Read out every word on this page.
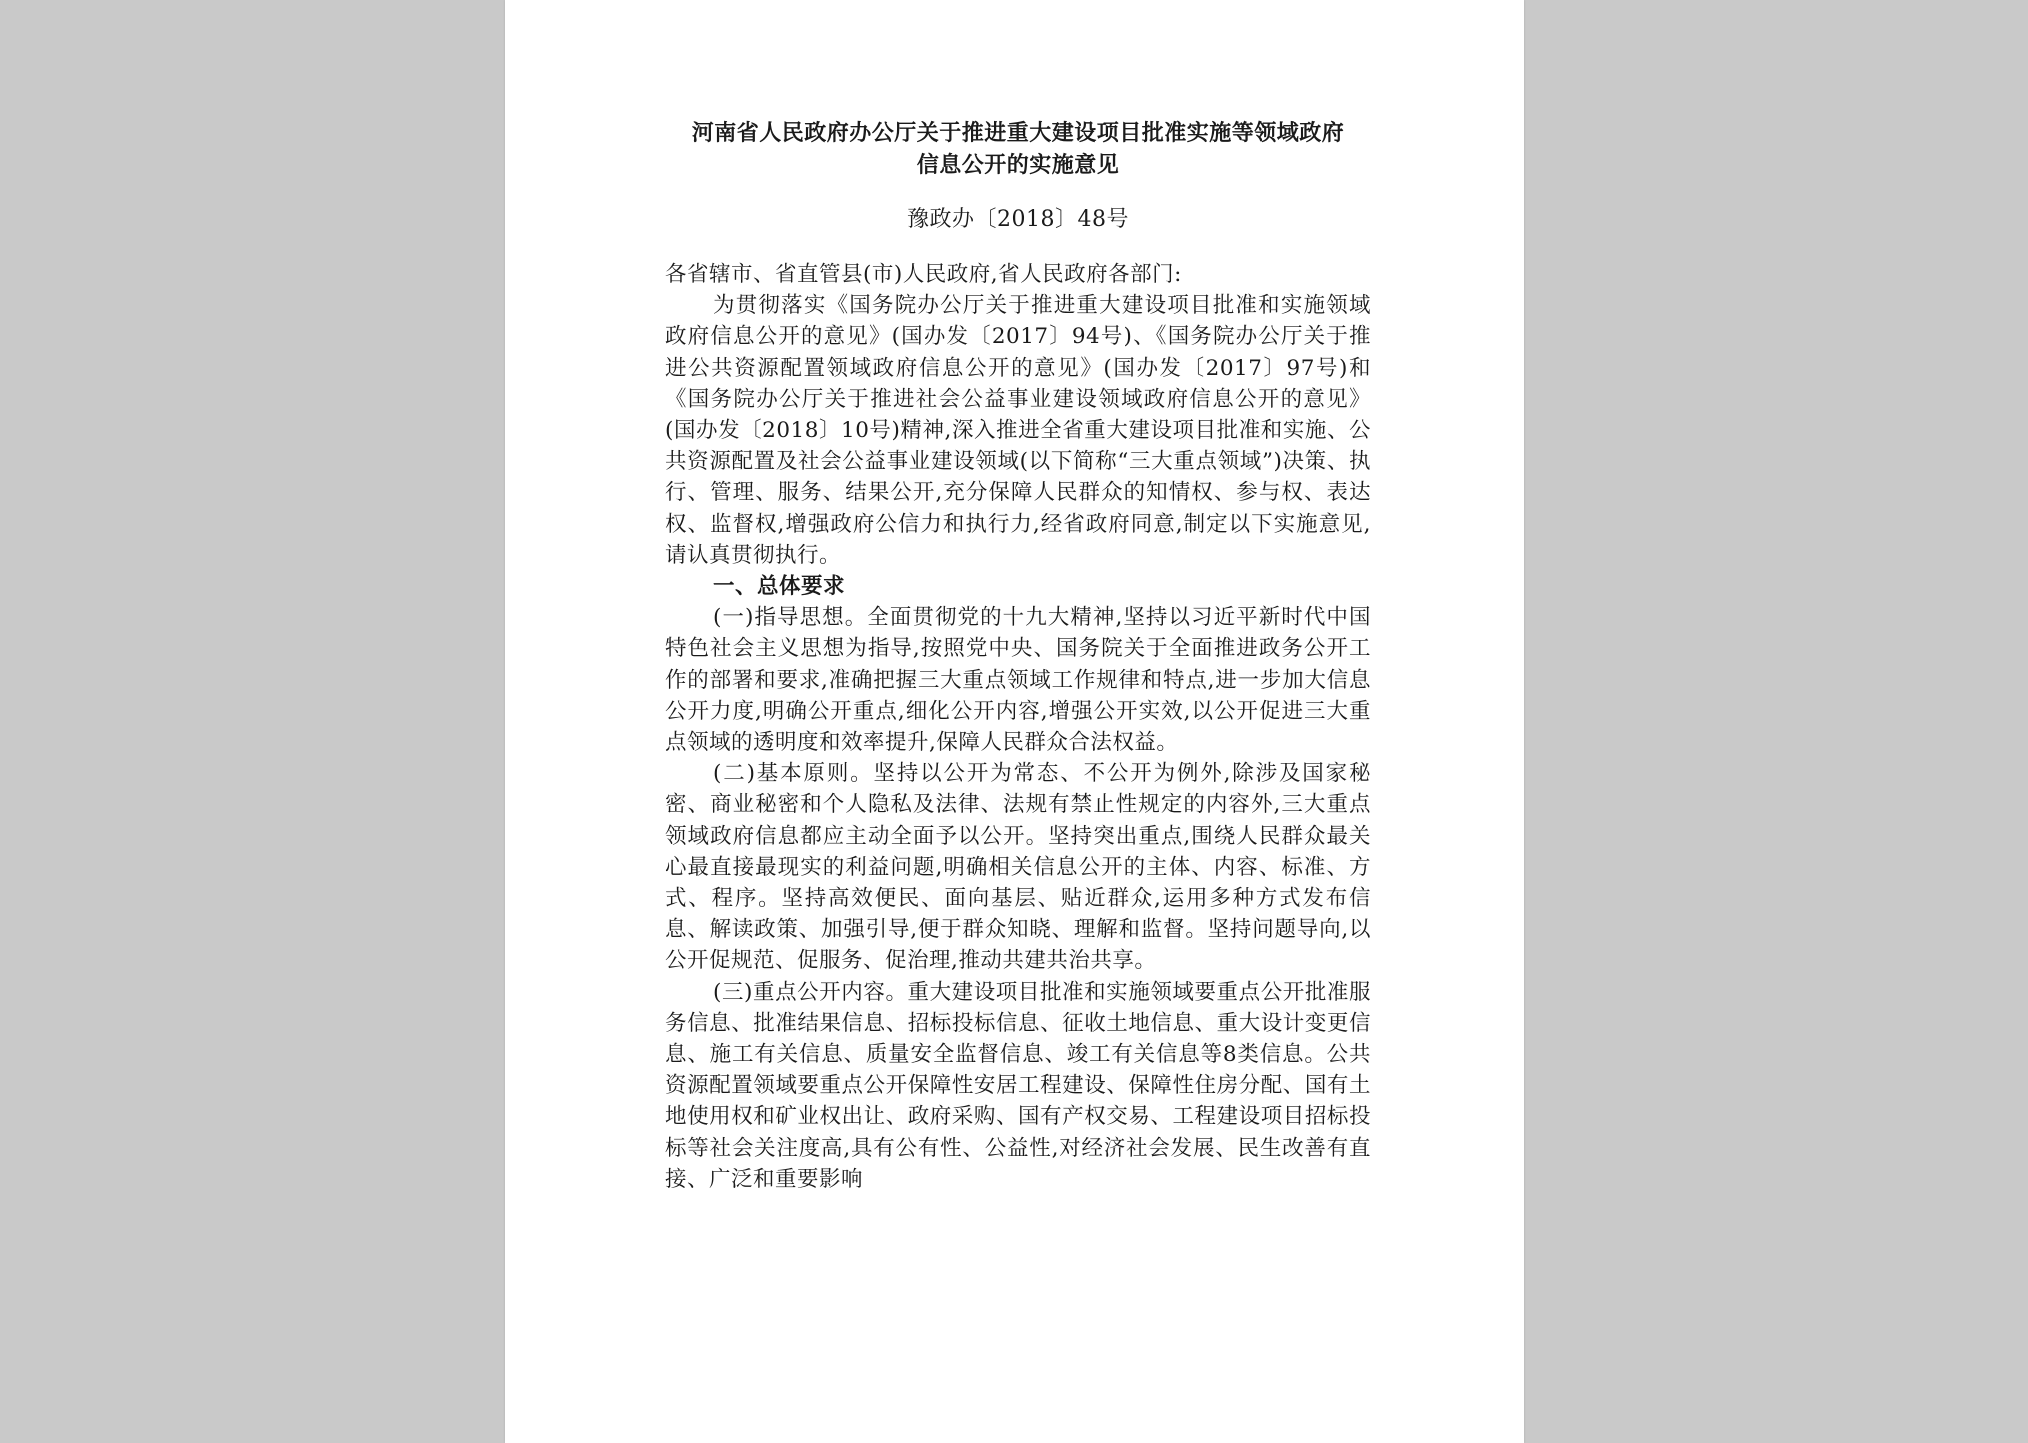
河南省人民政府办公厅关于推进重大建设项目批准实施等领域政府
信息公开的实施意见

豫政办〔2018〕48号

各省辖市、省直管县(市)人民政府,省人民政府各部门:

为贯彻落实《国务院办公厅关于推进重大建设项目批准和实施领域政府信息公开的意见》(国办发〔2017〕94号)、《国务院办公厅关于推进公共资源配置领域政府信息公开的意见》(国办发〔2017〕97号)和《国务院办公厅关于推进社会公益事业建设领域政府信息公开的意见》(国办发〔2018〕10号)精神,深入推进全省重大建设项目批准和实施、公共资源配置及社会公益事业建设领域(以下简称“三大重点领域”)决策、执行、管理、服务、结果公开,充分保障人民群众的知情权、参与权、表达权、监督权,增强政府公信力和执行力,经省政府同意,制定以下实施意见,请认真贯彻执行。

一、总体要求

(一)指导思想。全面贯彻党的十九大精神,坚持以习近平新时代中国特色社会主义思想为指导,按照党中央、国务院关于全面推进政务公开工作的部署和要求,准确把握三大重点领域工作规律和特点,进一步加大信息公开力度,明确公开重点,细化公开内容,增强公开实效,以公开促进三大重点领域的透明度和效率提升,保障人民群众合法权益。

(二)基本原则。坚持以公开为常态、不公开为例外,除涉及国家秘密、商业秘密和个人隐私及法律、法规有禁止性规定的内容外,三大重点领域政府信息都应主动全面予以公开。坚持突出重点,围绕人民群众最关心最直接最现实的利益问题,明确相关信息公开的主体、内容、标准、方式、程序。坚持高效便民、面向基层、贴近群众,运用多种方式发布信息、解读政策、加强引导,便于群众知晓、理解和监督。坚持问题导向,以公开促规范、促服务、促治理,推动共建共治共享。

(三)重点公开内容。重大建设项目批准和实施领域要重点公开批准服务信息、批准结果信息、招标投标信息、征收土地信息、重大设计变更信息、施工有关信息、质量安全监督信息、竣工有关信息等8类信息。公共资源配置领域要重点公开保障性安居工程建设、保障性住房分配、国有土地使用权和矿业权出让、政府采购、国有产权交易、工程建设项目招标投标等社会关注度高,具有公有性、公益性,对经济社会发展、民生改善有直接、广泛和重要影响
